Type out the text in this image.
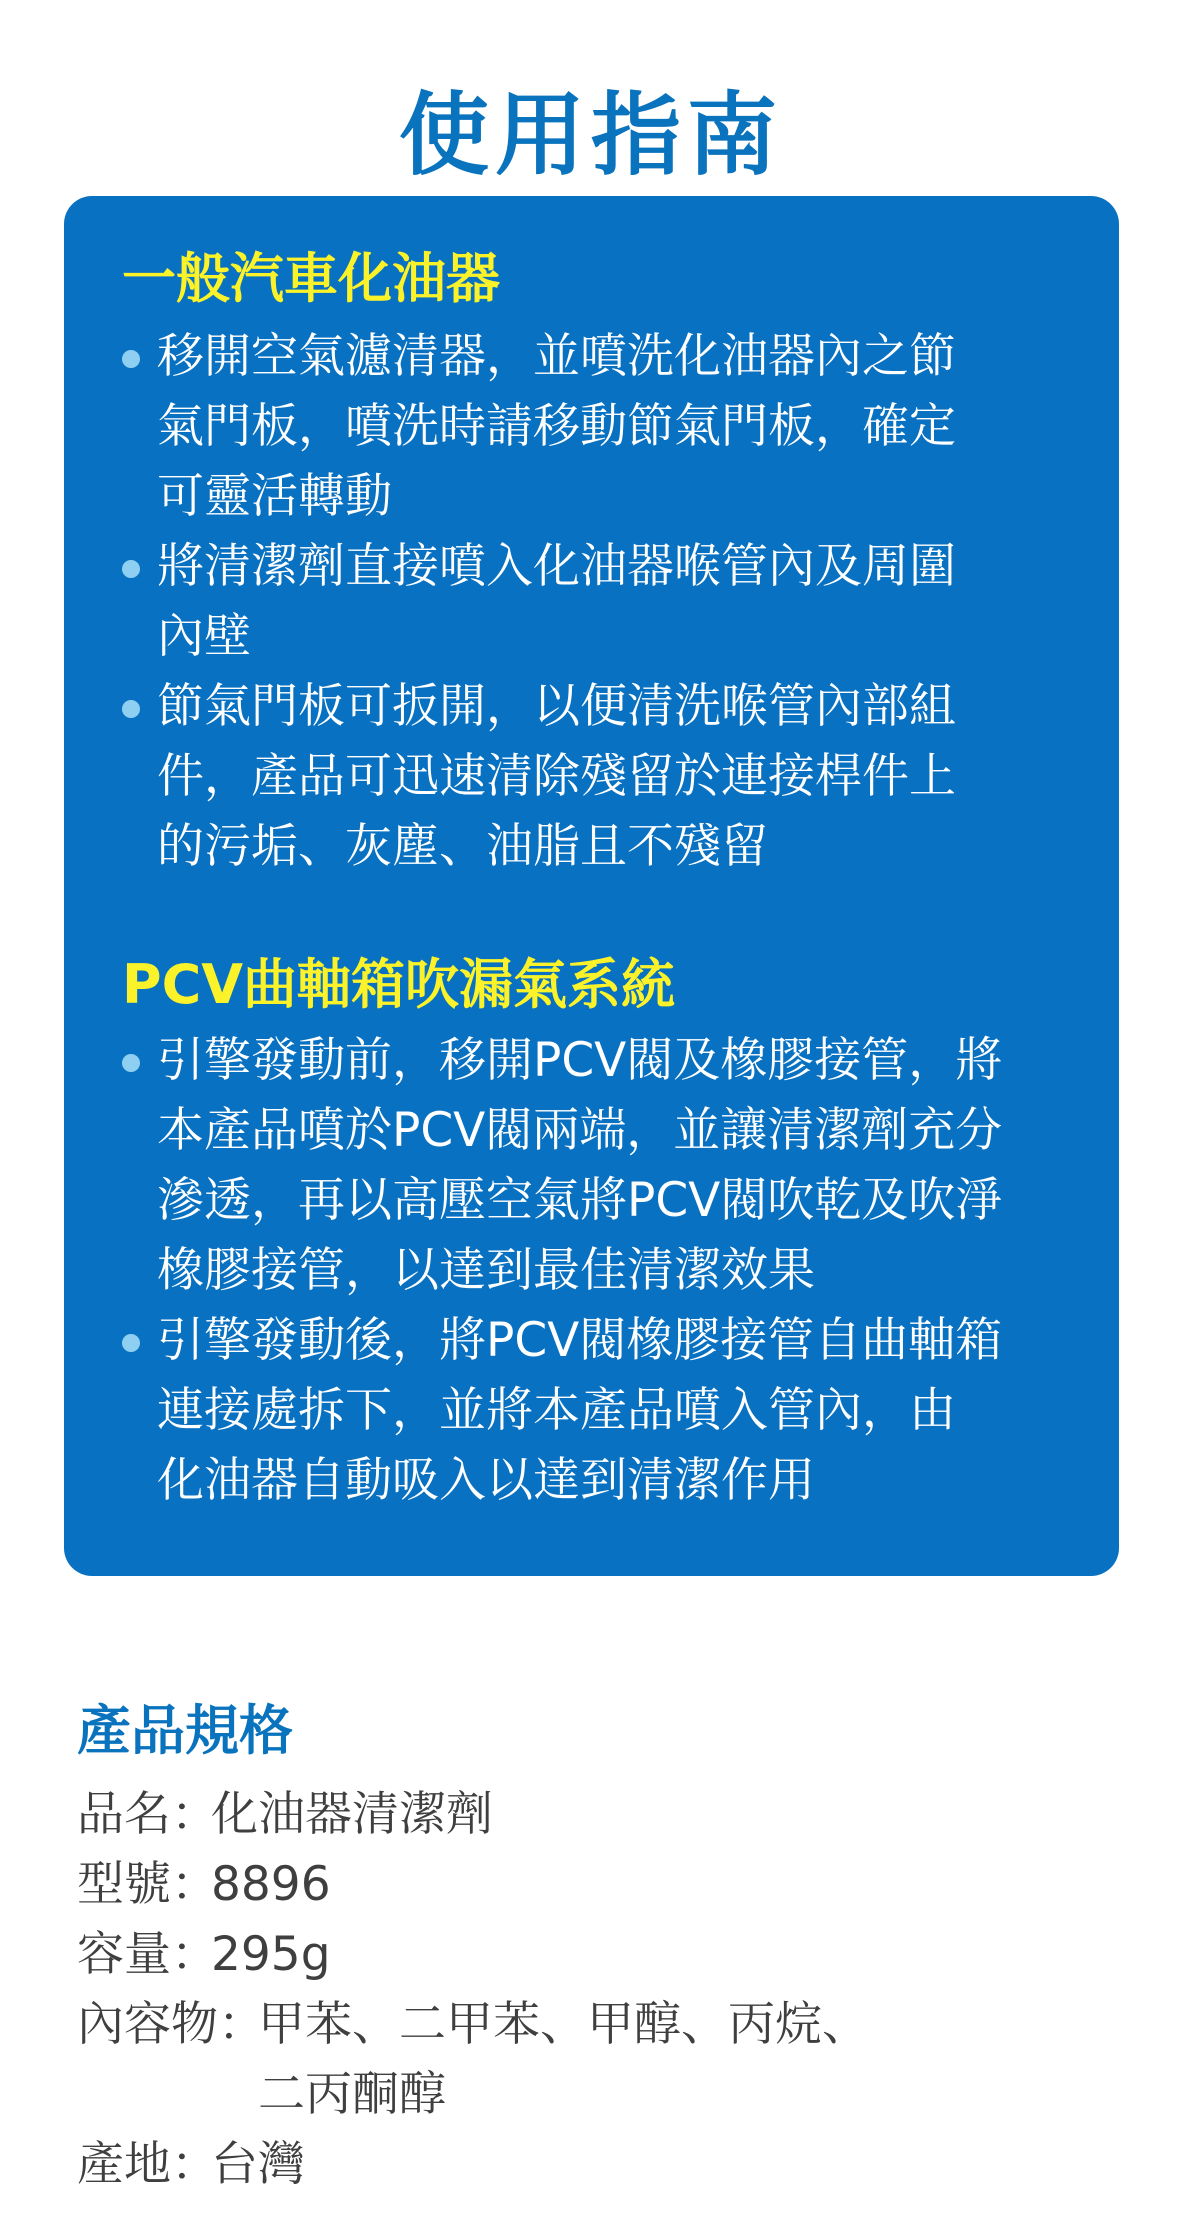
使用指南
一般汽車化油器
移開空氣濾清器，並噴洗化油器內之節
氣門板，噴洗時請移動節氣門板，確定
可靈活轉動
將清潔劑直接噴入化油器喉管內及周圍
內壁
節氣門板可扳開，以便清洗喉管內部組
件，產品可迅速清除殘留於連接桿件上
的污垢、灰塵、油脂且不殘留
PCV曲軸箱吹漏氣系統
引擎發動前，移開PCV閥及橡膠接管，將
本產品噴於PCV閥兩端，並讓清潔劑充分
滲透，再以高壓空氣將PCV閥吹乾及吹淨
橡膠接管，以達到最佳清潔效果
引擎發動後，將PCV閥橡膠接管自曲軸箱
連接處拆下，並將本產品噴入管內，由
化油器自動吸入以達到清潔作用
產品規格
品名 ：
化油器清潔劑
型號 ：
8896
容量 ：
295g
內容物 ：
甲苯、二甲苯、甲醇、丙烷、
二丙酮醇
產地 ：
台灣
